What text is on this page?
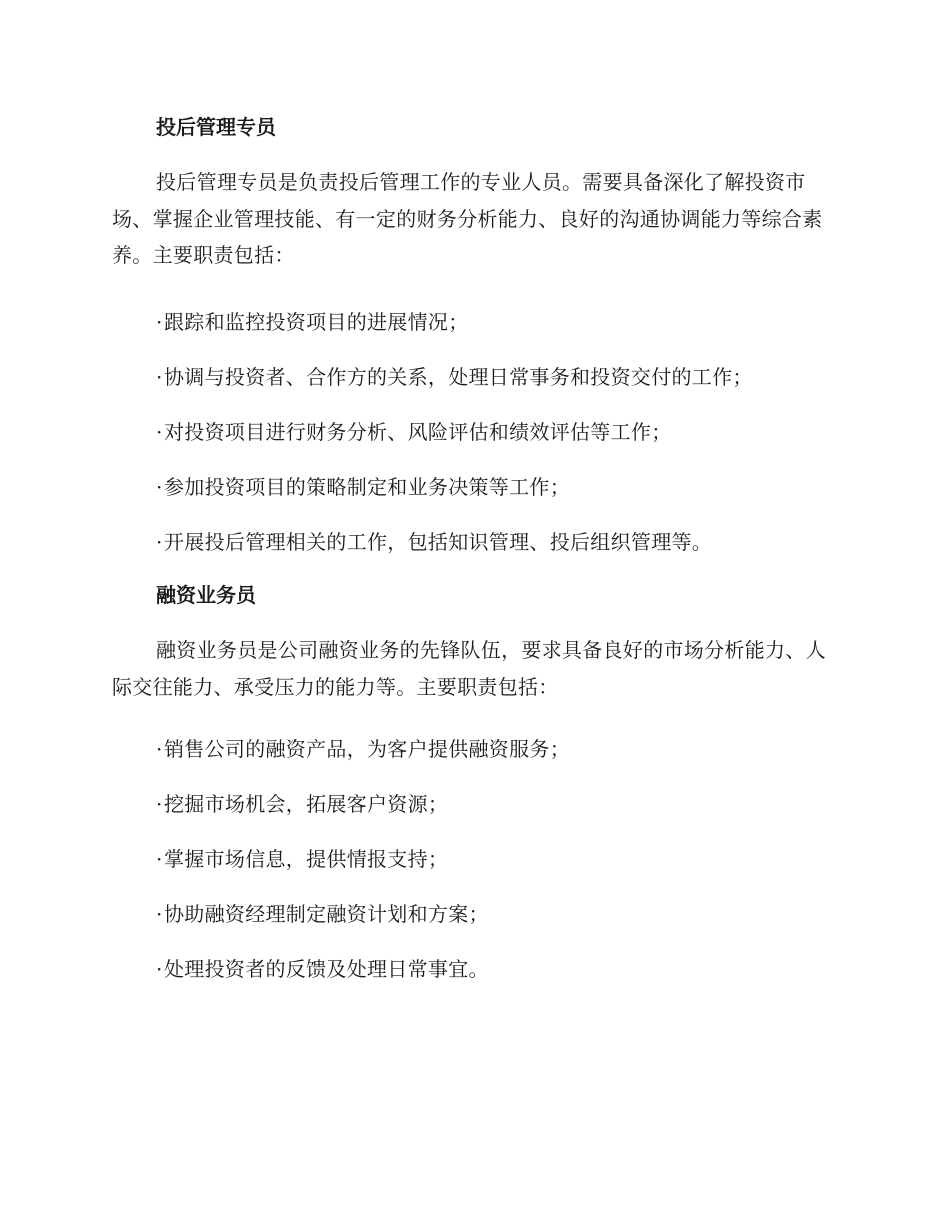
投后管理专员
投后管理专员是负责投后管理工作的专业人员。需要具备深化了解投资市场、掌握企业管理技能、有一定的财务分析能力、良好的沟通协调能力等综合素养。主要职责包括：
·跟踪和监控投资项目的进展情况；
·协调与投资者、合作方的关系，处理日常事务和投资交付的工作；
·对投资项目进行财务分析、风险评估和绩效评估等工作；
·参加投资项目的策略制定和业务决策等工作；
·开展投后管理相关的工作，包括知识管理、投后组织管理等。
融资业务员
融资业务员是公司融资业务的先锋队伍，要求具备良好的市场分析能力、人际交往能力、承受压力的能力等。主要职责包括：
·销售公司的融资产品，为客户提供融资服务；
·挖掘市场机会，拓展客户资源；
·掌握市场信息，提供情报支持；
·协助融资经理制定融资计划和方案；
·处理投资者的反馈及处理日常事宜。
